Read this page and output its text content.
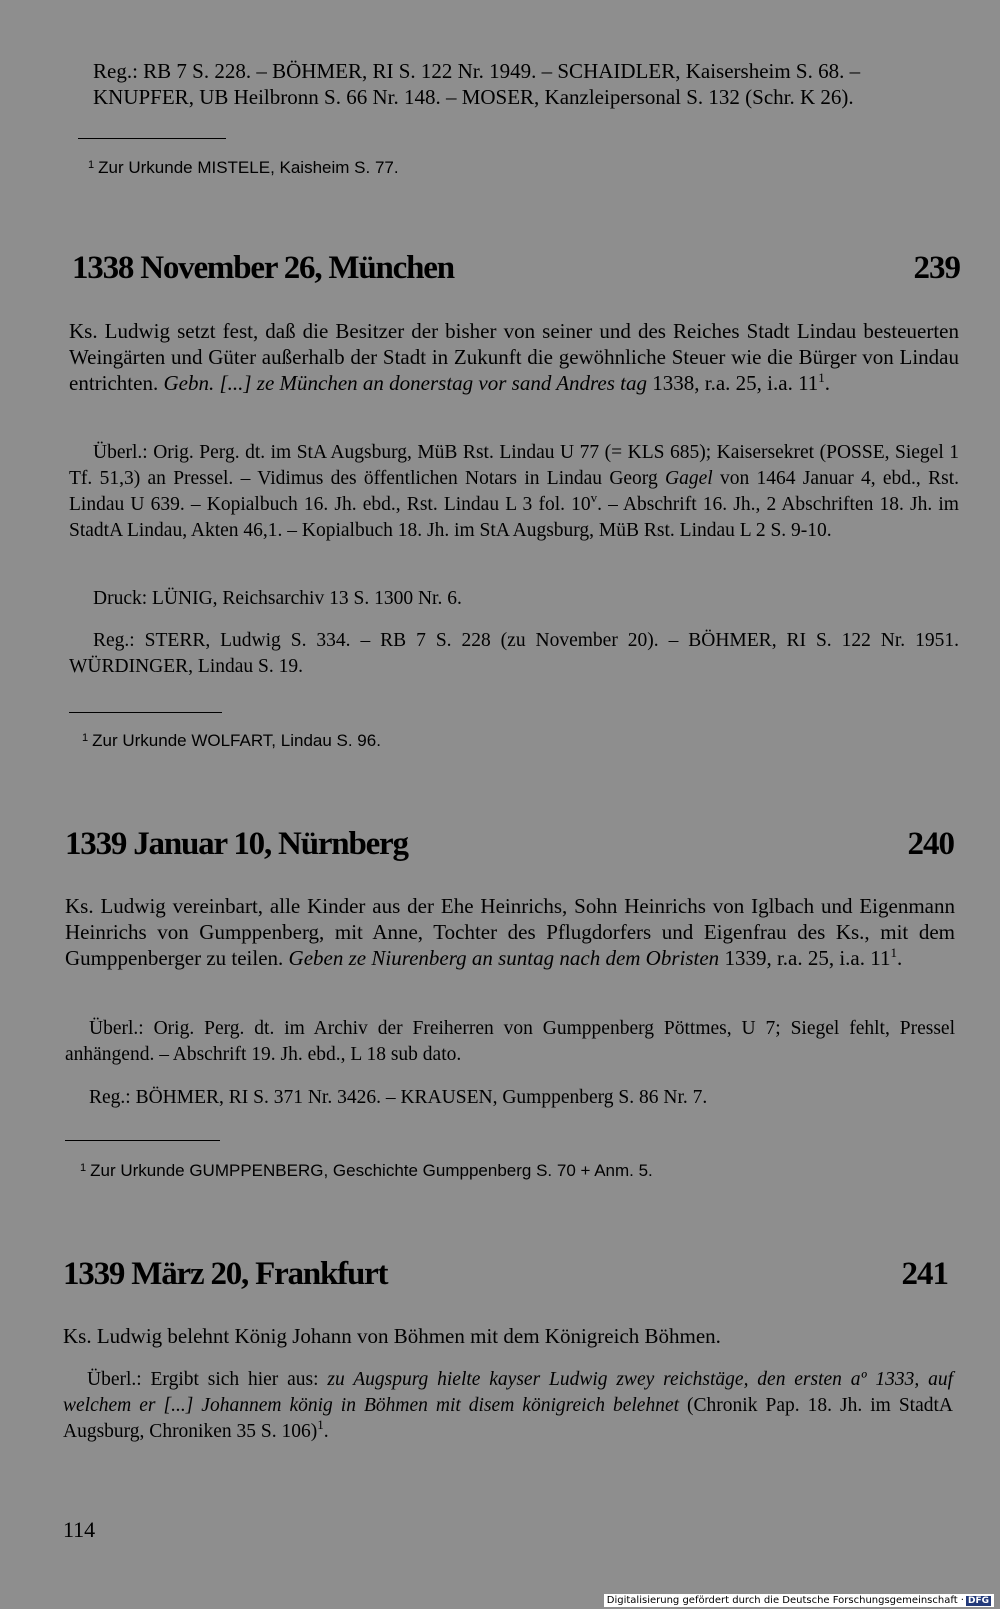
Reg.: RB 7 S. 228. – BÖHMER, RI S. 122 Nr. 1949. – SCHAIDLER, Kaisersheim S. 68. –
KNUPFER, UB Heilbronn S. 66 Nr. 148. – MOSER, Kanzleipersonal S. 132 (Schr. K 26).

$^1$ Zur Urkunde MISTELE, Kaisheim S. 77.

1338 November 26, München	239

Ks. Ludwig setzt fest, daß die Besitzer der bisher von seiner und des Reiches Stadt Lindau besteuerten Weingärten und Güter außerhalb der Stadt in Zukunft die gewöhnliche Steuer wie die Bürger von Lindau entrichten. Gebn. [...] ze München an donerstag vor sand Andres tag 1338, r.a. 25, i.a. $11^1$.

Überl.: Orig. Perg. dt. im StA Augsburg, MüB Rst. Lindau U 77 (= KLS 685); Kaisersekret (POSSE, Siegel 1 Tf. 51,3) an Pressel. – Vidimus des öffentlichen Notars in Lindau Georg Gagel von 1464 Januar 4, ebd., Rst. Lindau U 639. – Kopialbuch 16. Jh. ebd., Rst. Lindau L 3 fol. 10$^v$. – Abschrift 16. Jh., 2 Abschriften 18. Jh. im StadtA Lindau, Akten 46,1. – Kopialbuch 18. Jh. im StA Augsburg, MüB Rst. Lindau L 2 S. 9-10.

Druck: LÜNIG, Reichsarchiv 13 S. 1300 Nr. 6.

Reg.: STERR, Ludwig S. 334. – RB 7 S. 228 (zu November 20). – BÖHMER, RI S. 122 Nr. 1951. WÜRDINGER, Lindau S. 19.

$^1$ Zur Urkunde WOLFART, Lindau S. 96.

1339 Januar 10, Nürnberg	240

Ks. Ludwig vereinbart, alle Kinder aus der Ehe Heinrichs, Sohn Heinrichs von Iglbach und Eigenmann Heinrichs von Gumppenberg, mit Anne, Tochter des Pflugdorfers und Eigenfrau des Ks., mit dem Gumppenberger zu teilen. Geben ze Niurenberg an suntag nach dem Obristen 1339, r.a. 25, i.a. $11^1$.

Überl.: Orig. Perg. dt. im Archiv der Freiherren von Gumppenberg Pöttmes, U 7; Siegel fehlt, Pressel anhängend. – Abschrift 19. Jh. ebd., L 18 sub dato.

Reg.: BÖHMER, RI S. 371 Nr. 3426. – KRAUSEN, Gumppenberg S. 86 Nr. 7.

$^1$ Zur Urkunde GUMPPENBERG, Geschichte Gumppenberg S. 70 + Anm. 5.

1339 März 20, Frankfurt	241

Ks. Ludwig belehnt König Johann von Böhmen mit dem Königreich Böhmen.

Überl.: Ergibt sich hier aus: zu Augspurg hielte kayser Ludwig zwey reichstäge, den ersten aº 1333, auf welchem er [...] Johannem könig in Böhmen mit disem königreich belehnet (Chronik Pap. 18. Jh. im StadtA Augsburg, Chroniken 35 S. 106)$^1$.

114

Digitalisierung gefördert durch die Deutsche Forschungsgemeinschaft · DFG
